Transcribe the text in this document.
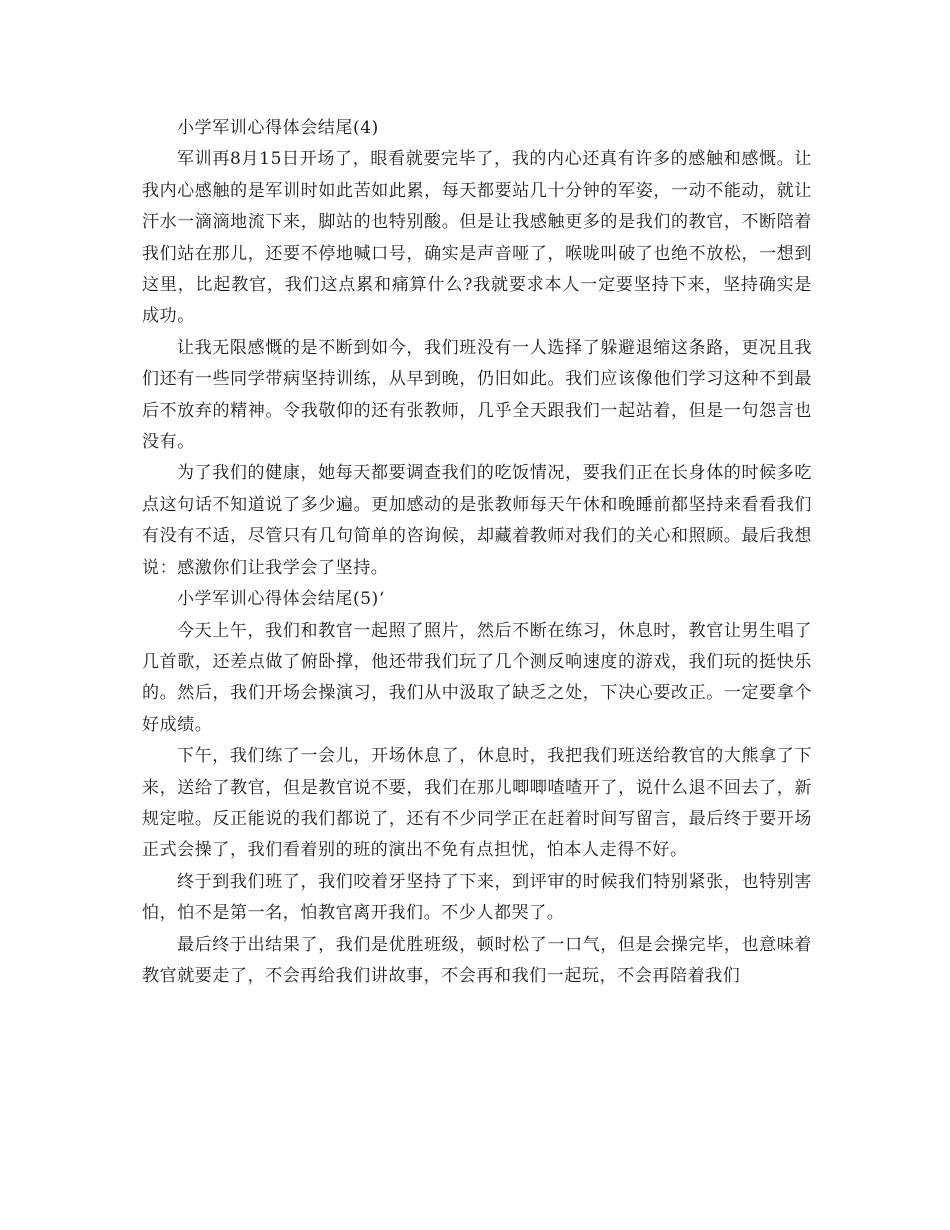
小学军训心得体会结尾(4)

军训再8月15日开场了，眼看就要完毕了，我的内心还真有许多的感触和感慨。让我内心感触的是军训时如此苦如此累，每天都要站几十分钟的军姿，一动不能动，就让汗水一滴滴地流下来，脚站的也特别酸。但是让我感触更多的是我们的教官，不断陪着我们站在那儿，还要不停地喊口号，确实是声音哑了，喉咙叫破了也绝不放松，一想到这里，比起教官，我们这点累和痛算什么?我就要求本人一定要坚持下来，坚持确实是成功。

让我无限感慨的是不断到如今，我们班没有一人选择了躲避退缩这条路，更况且我们还有一些同学带病坚持训练，从早到晚，仍旧如此。我们应该像他们学习这种不到最后不放弃的精神。令我敬仰的还有张教师，几乎全天跟我们一起站着，但是一句怨言也没有。

为了我们的健康，她每天都要调查我们的吃饭情况，要我们正在长身体的时候多吃点这句话不知道说了多少遍。更加感动的是张教师每天午休和晚睡前都坚持来看看我们有没有不适，尽管只有几句简单的咨询候，却藏着教师对我们的关心和照顾。最后我想说：感激你们让我学会了坚持。

小学军训心得体会结尾(5)‘

今天上午，我们和教官一起照了照片，然后不断在练习，休息时，教官让男生唱了几首歌，还差点做了俯卧撑，他还带我们玩了几个测反响速度的游戏，我们玩的挺快乐的。然后，我们开场会操演习，我们从中汲取了缺乏之处，下决心要改正。一定要拿个好成绩。

下午，我们练了一会儿，开场休息了，休息时，我把我们班送给教官的大熊拿了下来，送给了教官，但是教官说不要，我们在那儿唧唧喳喳开了，说什么退不回去了，新规定啦。反正能说的我们都说了，还有不少同学正在赶着时间写留言，最后终于要开场正式会操了，我们看着别的班的演出不免有点担忧，怕本人走得不好。

终于到我们班了，我们咬着牙坚持了下来，到评审的时候我们特别紧张，也特别害怕，怕不是第一名，怕教官离开我们。不少人都哭了。

最后终于出结果了，我们是优胜班级，顿时松了一口气，但是会操完毕，也意味着教官就要走了，不会再给我们讲故事，不会再和我们一起玩，不会再陪着我们
